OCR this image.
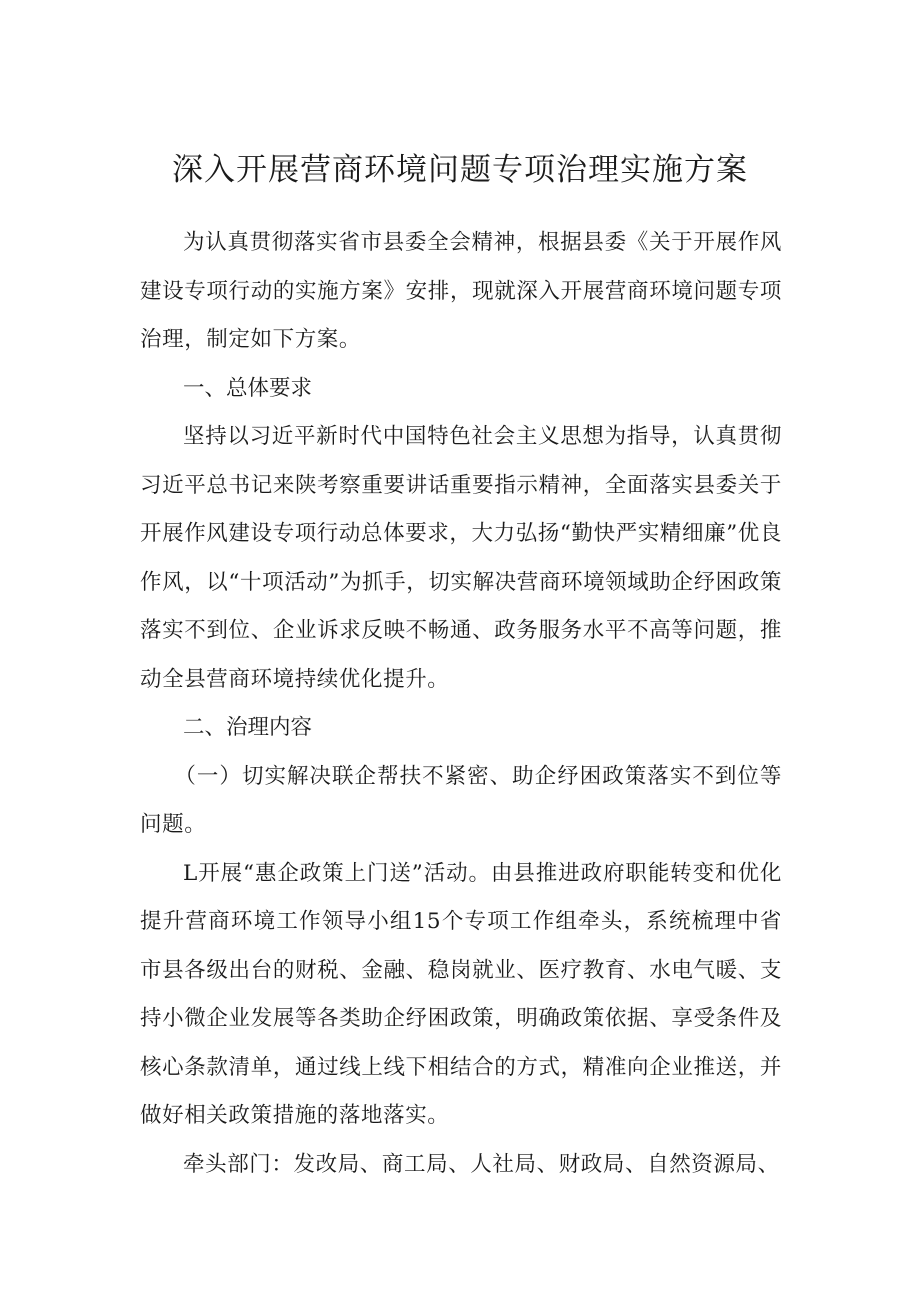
深入开展营商环境问题专项治理实施方案

为认真贯彻落实省市县委全会精神，根据县委《关于开展作风建设专项行动的实施方案》安排，现就深入开展营商环境问题专项治理，制定如下方案。

一、总体要求

坚持以习近平新时代中国特色社会主义思想为指导，认真贯彻习近平总书记来陕考察重要讲话重要指示精神，全面落实县委关于开展作风建设专项行动总体要求，大力弘扬“勤快严实精细廉”优良作风，以“十项活动”为抓手，切实解决营商环境领域助企纾困政策落实不到位、企业诉求反映不畅通、政务服务水平不高等问题，推动全县营商环境持续优化提升。

二、治理内容

（一）切实解决联企帮扶不紧密、助企纾困政策落实不到位等问题。

L开展“惠企政策上门送”活动。由县推进政府职能转变和优化提升营商环境工作领导小组15个专项工作组牵头，系统梳理中省市县各级出台的财税、金融、稳岗就业、医疗教育、水电气暖、支持小微企业发展等各类助企纾困政策，明确政策依据、享受条件及核心条款清单，通过线上线下相结合的方式，精准向企业推送，并做好相关政策措施的落地落实。

牵头部门：发改局、商工局、人社局、财政局、自然资源局、
